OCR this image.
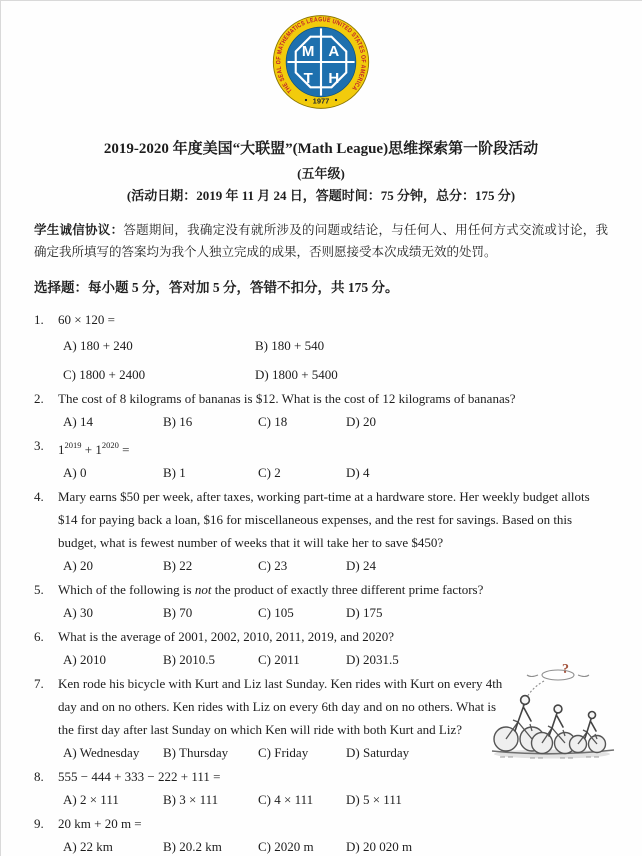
THE SEAL OF MATHEMATICS LEAGUE UNITED STATES OF AMERICA
1977
M A
T H
2019-2020 年度美国“大联盟”(Math League)思维探索第一阶段活动
(五年级)
(活动日期：2019 年 11 月 24 日，答题时间：75 分钟，总分：175 分)
学生诚信协议：答题期间，我确定没有就所涉及的问题或结论，与任何人、用任何方式交流或讨论，我确定我所填写的答案均为我个人独立完成的成果，否则愿接受本次成绩无效的处罚。
选择题：每小题 5 分，答对加 5 分，答错不扣分，共 175 分。
1.	60 × 120 =
A) 180 + 240	B) 180 + 540
C) 1800 + 2400	D) 1800 + 5400
2.	The cost of 8 kilograms of bananas is $12. What is the cost of 12 kilograms of bananas?
A) 14	B) 16	C) 18	D) 20
3.	$1^{2019} + 1^{2020}$ =
A) 0	B) 1	C) 2	D) 4
4.	Mary earns $50 per week, after taxes, working part-time at a hardware store. Her weekly budget allots
$14 for paying back a loan, $16 for miscellaneous expenses, and the rest for savings. Based on this
budget, what is fewest number of weeks that it will take her to save $450?
A) 20	B) 22	C) 23	D) 24
5.	Which of the following is not the product of exactly three different prime factors?
A) 30	B) 70	C) 105	D) 175
6.	What is the average of 2001, 2002, 2010, 2011, 2019, and 2020?
A) 2010	B) 2010.5	C) 2011	D) 2031.5
7.	Ken rode his bicycle with Kurt and Liz last Sunday. Ken rides with Kurt on every 4th
day and on no others. Ken rides with Liz on every 6th day and on no others. What is
the first day after last Sunday on which Ken will ride with both Kurt and Liz?
A) Wednesday	B) Thursday	C) Friday	D) Saturday
?
8.	555 − 444 + 333 − 222 + 111 =
A) 2 × 111	B) 3 × 111	C) 4 × 111	D) 5 × 111
9.	20 km + 20 m =
A) 22 km	B) 20.2 km	C) 2020 m	D) 20 020 m
